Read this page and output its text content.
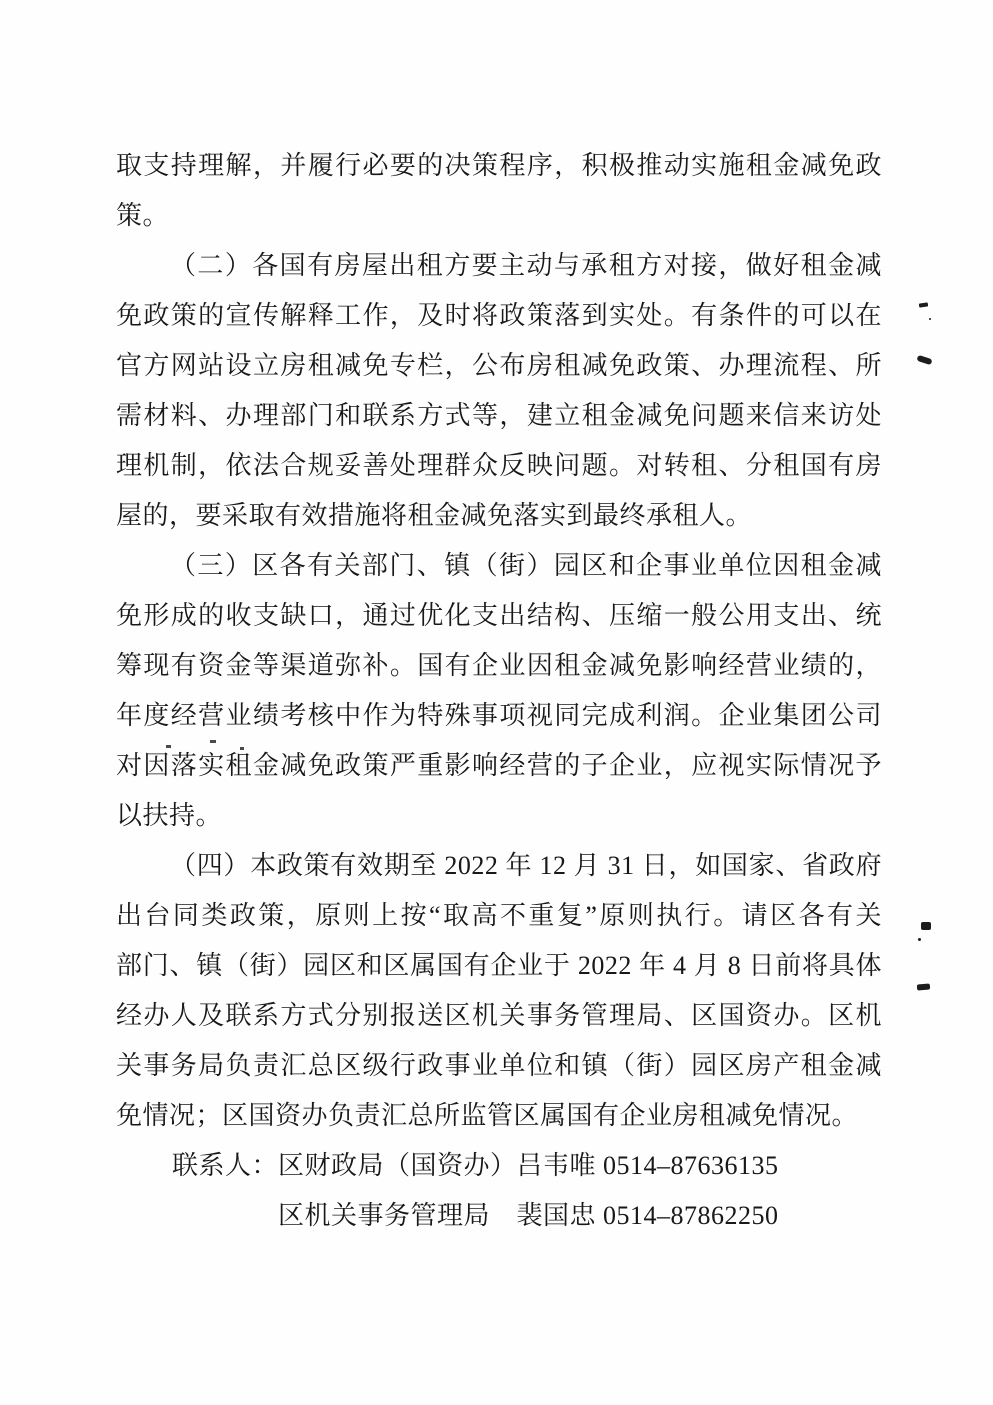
取支持理解，并履行必要的决策程序，积极推动实施租金减免政
策。
（二）各国有房屋出租方要主动与承租方对接，做好租金减
免政策的宣传解释工作，及时将政策落到实处。有条件的可以在
官方网站设立房租减免专栏，公布房租减免政策、办理流程、所
需材料、办理部门和联系方式等，建立租金减免问题来信来访处
理机制，依法合规妥善处理群众反映问题。对转租、分租国有房
屋的，要采取有效措施将租金减免落实到最终承租人。
（三）区各有关部门、镇（街）园区和企事业单位因租金减
免形成的收支缺口，通过优化支出结构、压缩一般公用支出、统
筹现有资金等渠道弥补。国有企业因租金减免影响经营业绩的，
年度经营业绩考核中作为特殊事项视同完成利润。企业集团公司
对因落实租金减免政策严重影响经营的子企业，应视实际情况予
以扶持。
（四）本政策有效期至 2022 年 12 月 31 日，如国家、省政府
出台同类政策，原则上按“取高不重复”原则执行。请区各有关
部门、镇（街）园区和区属国有企业于 2022 年 4 月 8 日前将具体
经办人及联系方式分别报送区机关事务管理局、区国资办。区机
关事务局负责汇总区级行政事业单位和镇（街）园区房产租金减
免情况；区国资办负责汇总所监管区属国有企业房租减免情况。
联系人：区财政局（国资办）吕韦唯 0514–87636135
区机关事务管理局　裴国忠 0514–87862250
